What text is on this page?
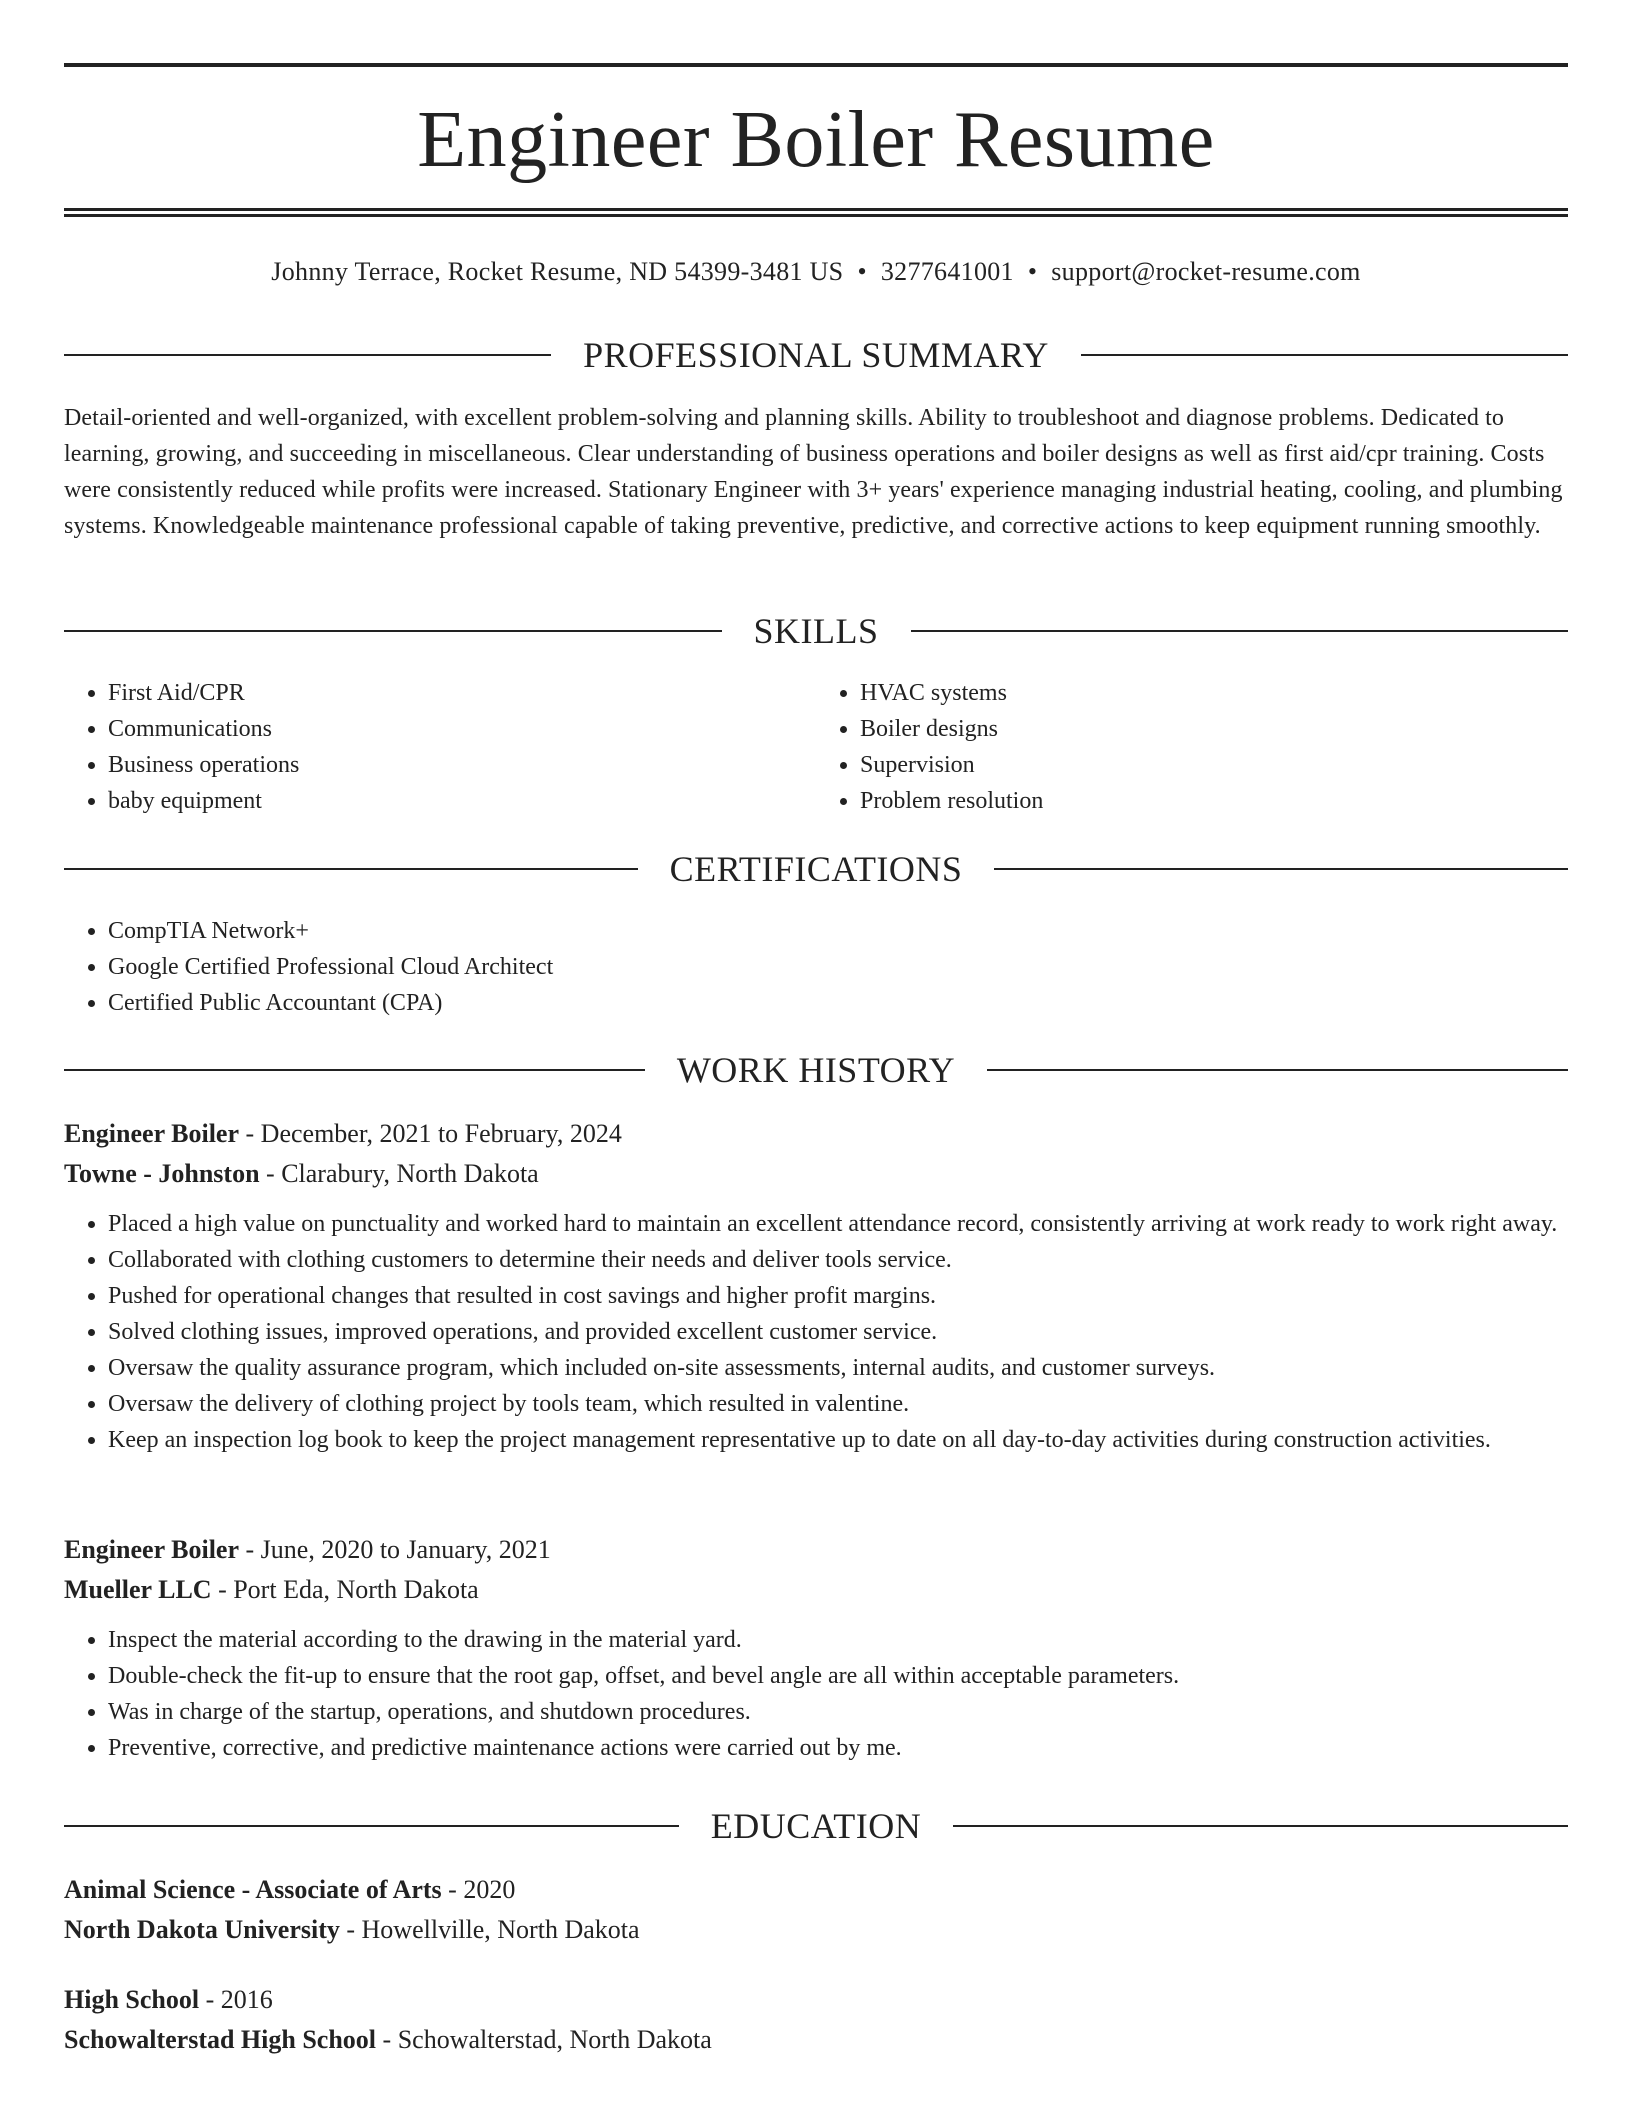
Engineer Boiler Resume
Johnny Terrace, Rocket Resume, ND 54399-3481 US • 3277641001 • support@rocket-resume.com
PROFESSIONAL SUMMARY

Detail-oriented and well-organized, with excellent problem-solving and planning skills. Ability to troubleshoot and diagnose problems. Dedicated to learning, growing, and succeeding in miscellaneous. Clear understanding of business operations and boiler designs as well as first aid/cpr training. Costs were consistently reduced while profits were increased. Stationary Engineer with 3+ years' experience managing industrial heating, cooling, and plumbing systems. Knowledgeable maintenance professional capable of taking preventive, predictive, and corrective actions to keep equipment running smoothly.

SKILLS
• First Aid/CPR
• Communications
• Business operations
• baby equipment
• HVAC systems
• Boiler designs
• Supervision
• Problem resolution
CERTIFICATIONS
• CompTIA Network+
• Google Certified Professional Cloud Architect
• Certified Public Accountant (CPA)
WORK HISTORY
Engineer Boiler - December, 2021 to February, 2024
Towne - Johnston - Clarabury, North Dakota
• Placed a high value on punctuality and worked hard to maintain an excellent attendance record, consistently arriving at work ready to work right away.
• Collaborated with clothing customers to determine their needs and deliver tools service.
• Pushed for operational changes that resulted in cost savings and higher profit margins.
• Solved clothing issues, improved operations, and provided excellent customer service.
• Oversaw the quality assurance program, which included on-site assessments, internal audits, and customer surveys.
• Oversaw the delivery of clothing project by tools team, which resulted in valentine.
• Keep an inspection log book to keep the project management representative up to date on all day-to-day activities during construction activities.
Engineer Boiler - June, 2020 to January, 2021
Mueller LLC - Port Eda, North Dakota
• Inspect the material according to the drawing in the material yard.
• Double-check the fit-up to ensure that the root gap, offset, and bevel angle are all within acceptable parameters.
• Was in charge of the startup, operations, and shutdown procedures.
• Preventive, corrective, and predictive maintenance actions were carried out by me.
EDUCATION
Animal Science - Associate of Arts - 2020
North Dakota University - Howellville, North Dakota
High School - 2016
Schowalterstad High School - Schowalterstad, North Dakota
